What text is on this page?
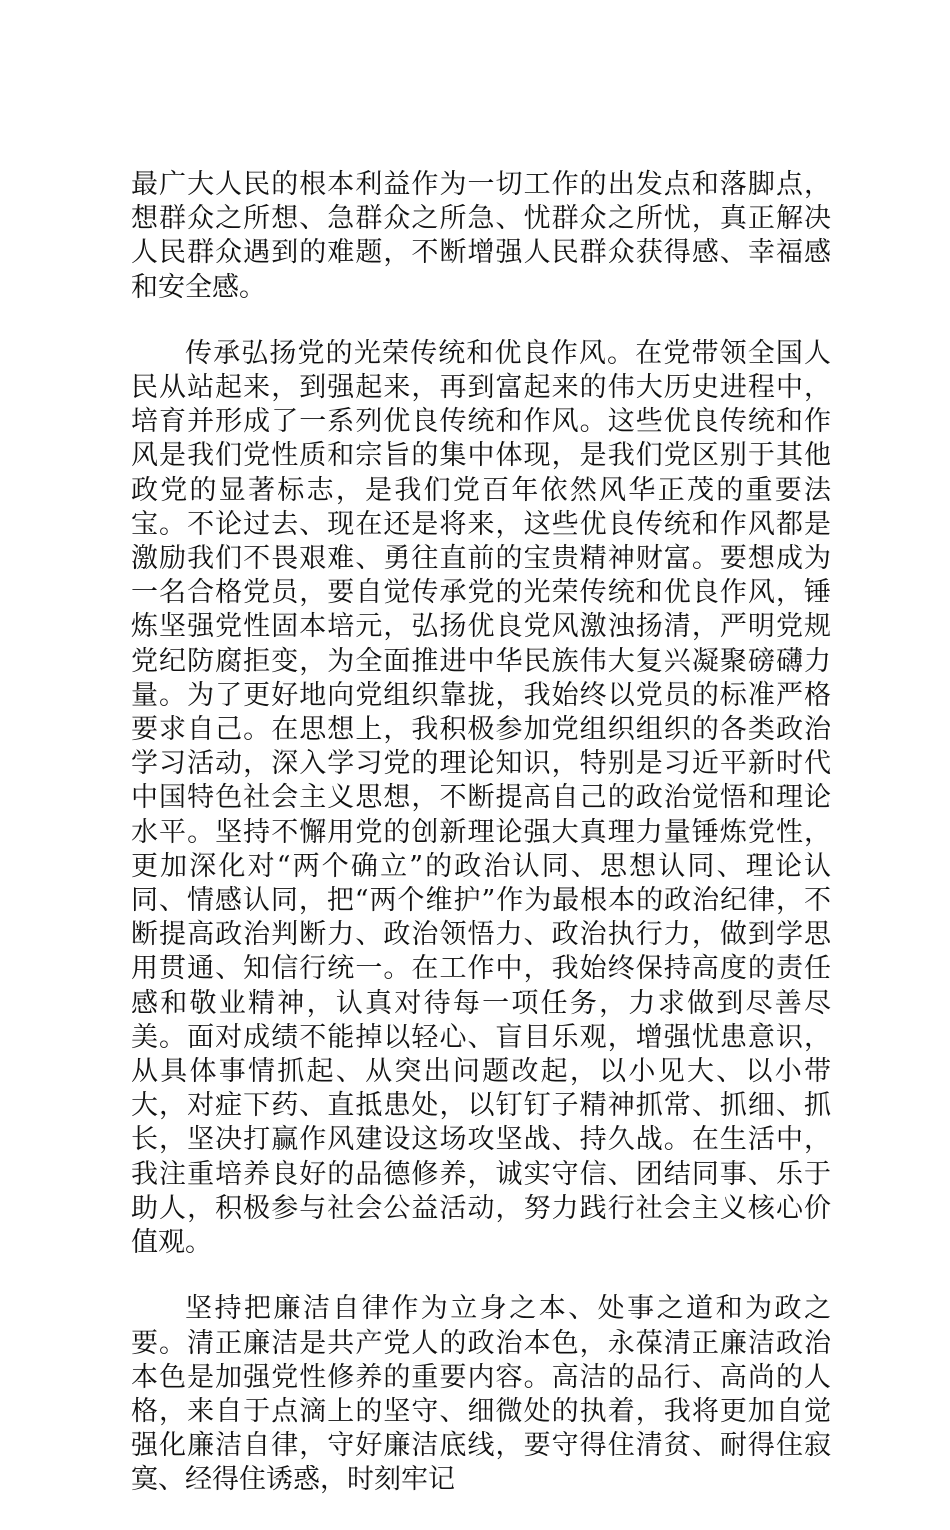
最广大人民的根本利益作为一切工作的出发点和落脚点，想群众之所想、急群众之所急、忧群众之所忧，真正解决人民群众遇到的难题，不断增强人民群众获得感、幸福感和安全感。

传承弘扬党的光荣传统和优良作风。在党带领全国人民从站起来，到强起来，再到富起来的伟大历史进程中，培育并形成了一系列优良传统和作风。这些优良传统和作风是我们党性质和宗旨的集中体现，是我们党区别于其他政党的显著标志，是我们党百年依然风华正茂的重要法宝。不论过去、现在还是将来，这些优良传统和作风都是激励我们不畏艰难、勇往直前的宝贵精神财富。要想成为一名合格党员，要自觉传承党的光荣传统和优良作风，锤炼坚强党性固本培元，弘扬优良党风激浊扬清，严明党规党纪防腐拒变，为全面推进中华民族伟大复兴凝聚磅礴力量。为了更好地向党组织靠拢，我始终以党员的标准严格要求自己。在思想上，我积极参加党组织组织的各类政治学习活动，深入学习党的理论知识，特别是习近平新时代中国特色社会主义思想，不断提高自己的政治觉悟和理论水平。坚持不懈用党的创新理论强大真理力量锤炼党性，更加深化对“两个确立”的政治认同、思想认同、理论认同、情感认同，把“两个维护”作为最根本的政治纪律，不断提高政治判断力、政治领悟力、政治执行力，做到学思用贯通、知信行统一。在工作中，我始终保持高度的责任感和敬业精神，认真对待每一项任务，力求做到尽善尽美。面对成绩不能掉以轻心、盲目乐观，增强忧患意识，从具体事情抓起、从突出问题改起，以小见大、以小带大，对症下药、直抵患处，以钉钉子精神抓常、抓细、抓长，坚决打赢作风建设这场攻坚战、持久战。在生活中，我注重培养良好的品德修养，诚实守信、团结同事、乐于助人，积极参与社会公益活动，努力践行社会主义核心价值观。

坚持把廉洁自律作为立身之本、处事之道和为政之要。清正廉洁是共产党人的政治本色，永葆清正廉洁政治本色是加强党性修养的重要内容。高洁的品行、高尚的人格，来自于点滴上的坚守、细微处的执着，我将更加自觉强化廉洁自律，守好廉洁底线，要守得住清贫、耐得住寂寞、经得住诱惑，时刻牢记
